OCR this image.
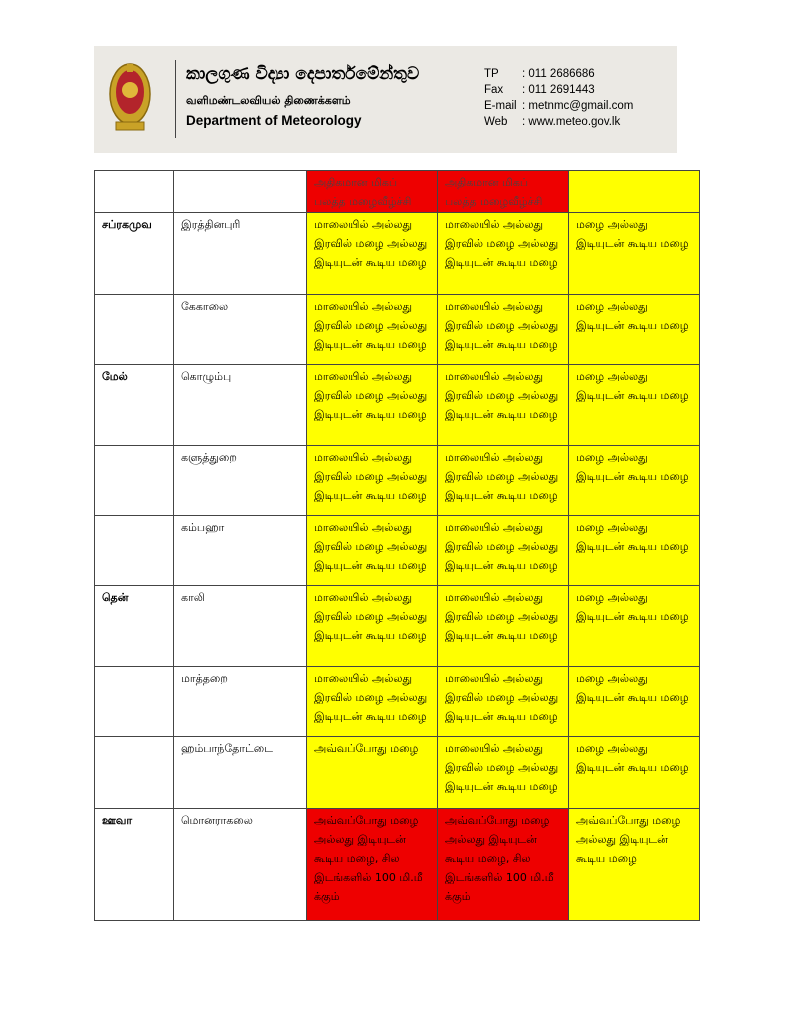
කාලගුණ විද්‍යා දෙපාර්තමේන්තුව
வளிமண்டலவியல் திணைக்களம்
Department of Meteorology
TP	: 011 2686686
Fax	: 011 2691443
E-mail : metnmc@gmail.com
Web	: www.meteo.gov.lk
		அதிகமான மிகப் பலத்த மழைவீழ்ச்சி	அதிகமான மிகப் பலத்த மழைவீழ்ச்சி	
சப்ரகமுவ	இரத்தினபுரி	மாலையில் அல்லது இரவில் மழை அல்லது இடியுடன் கூடிய மழை	மாலையில் அல்லது இரவில் மழை அல்லது இடியுடன் கூடிய மழை	மழை அல்லது இடியுடன் கூடிய மழை
	கேகாலை	மாலையில் அல்லது இரவில் மழை அல்லது இடியுடன் கூடிய மழை	மாலையில் அல்லது இரவில் மழை அல்லது இடியுடன் கூடிய மழை	மழை அல்லது இடியுடன் கூடிய மழை
மேல்	கொழும்பு	மாலையில் அல்லது இரவில் மழை அல்லது இடியுடன் கூடிய மழை	மாலையில் அல்லது இரவில் மழை அல்லது இடியுடன் கூடிய மழை	மழை அல்லது இடியுடன் கூடிய மழை
	களுத்துறை	மாலையில் அல்லது இரவில் மழை அல்லது இடியுடன் கூடிய மழை	மாலையில் அல்லது இரவில் மழை அல்லது இடியுடன் கூடிய மழை	மழை அல்லது இடியுடன் கூடிய மழை
	கம்பஹா	மாலையில் அல்லது இரவில் மழை அல்லது இடியுடன் கூடிய மழை	மாலையில் அல்லது இரவில் மழை அல்லது இடியுடன் கூடிய மழை	மழை அல்லது இடியுடன் கூடிய மழை
தென்	காலி	மாலையில் அல்லது இரவில் மழை அல்லது இடியுடன் கூடிய மழை	மாலையில் அல்லது இரவில் மழை அல்லது இடியுடன் கூடிய மழை	மழை அல்லது இடியுடன் கூடிய மழை
	மாத்தறை	மாலையில் அல்லது இரவில் மழை அல்லது இடியுடன் கூடிய மழை	மாலையில் அல்லது இரவில் மழை அல்லது இடியுடன் கூடிய மழை	மழை அல்லது இடியுடன் கூடிய மழை
	ஹம்பாந்தோட்டை	அவ்வப்போது மழை	மாலையில் அல்லது இரவில் மழை அல்லது இடியுடன் கூடிய மழை	மழை அல்லது இடியுடன் கூடிய மழை
ஊவா	மொனராகலை	அவ்வப்போது மழை அல்லது இடியுடன் கூடிய மழை, சில இடங்களில் 100 மி.மீ க்கும்	அவ்வப்போது மழை அல்லது இடியுடன் கூடிய மழை, சில இடங்களில் 100 மி.மீ க்கும்	அவ்வப்போது மழை அல்லது இடியுடன் கூடிய மழை
